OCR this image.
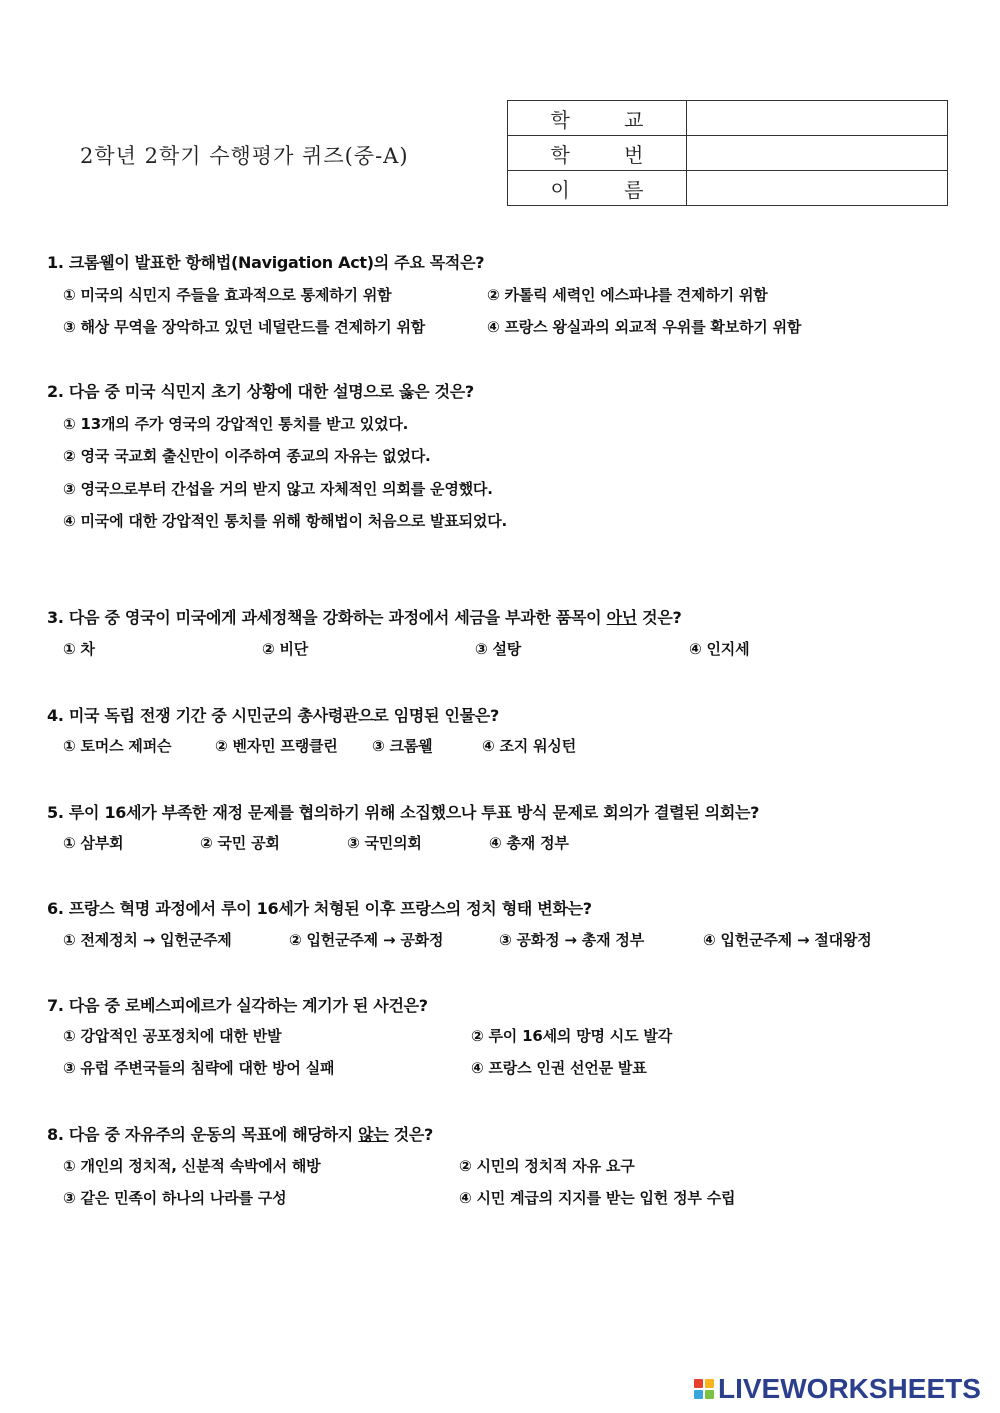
2학년 2학기 수행평가 퀴즈(중-A)
학 교	
학 번	
이 름	
1. 크롬웰이 발표한 항해법(Navigation Act)의 주요 목적은?
① 미국의 식민지 주들을 효과적으로 통제하기 위함	② 카톨릭 세력인 에스파냐를 견제하기 위함
③ 해상 무역을 장악하고 있던 네덜란드를 견제하기 위함	④ 프랑스 왕실과의 외교적 우위를 확보하기 위함
2. 다음 중 미국 식민지 초기 상황에 대한 설명으로 옳은 것은?
① 13개의 주가 영국의 강압적인 통치를 받고 있었다.
② 영국 국교회 출신만이 이주하여 종교의 자유는 없었다.
③ 영국으로부터 간섭을 거의 받지 않고 자체적인 의회를 운영했다.
④ 미국에 대한 강압적인 통치를 위해 항해법이 처음으로 발표되었다.
3. 다음 중 영국이 미국에게 과세정책을 강화하는 과정에서 세금을 부과한 품목이 아닌 것은?
① 차	② 비단	③ 설탕	④ 인지세
4. 미국 독립 전쟁 기간 중 시민군의 총사령관으로 임명된 인물은?
① 토머스 제퍼슨	② 벤자민 프랭클린 ③ 크롬웰	④ 조지 워싱턴
5. 루이 16세가 부족한 재정 문제를 협의하기 위해 소집했으나 투표 방식 문제로 회의가 결렬된 의회는?
① 삼부회	② 국민 공회	③ 국민의회	④ 총재 정부
6. 프랑스 혁명 과정에서 루이 16세가 처형된 이후 프랑스의 정치 형태 변화는?
① 전제정치 → 입헌군주제	② 입헌군주제 → 공화정	③ 공화정 → 총재 정부	④ 입헌군주제 → 절대왕정
7. 다음 중 로베스피에르가 실각하는 계기가 된 사건은?
① 강압적인 공포정치에 대한 반발	② 루이 16세의 망명 시도 발각
③ 유럽 주변국들의 침략에 대한 방어 실패	④ 프랑스 인권 선언문 발표
8. 다음 중 자유주의 운동의 목표에 해당하지 않는 것은?
① 개인의 정치적, 신분적 속박에서 해방	② 시민의 정치적 자유 요구
③ 같은 민족이 하나의 나라를 구성	④ 시민 계급의 지지를 받는 입헌 정부 수립
LIVEWORKSHEETS
